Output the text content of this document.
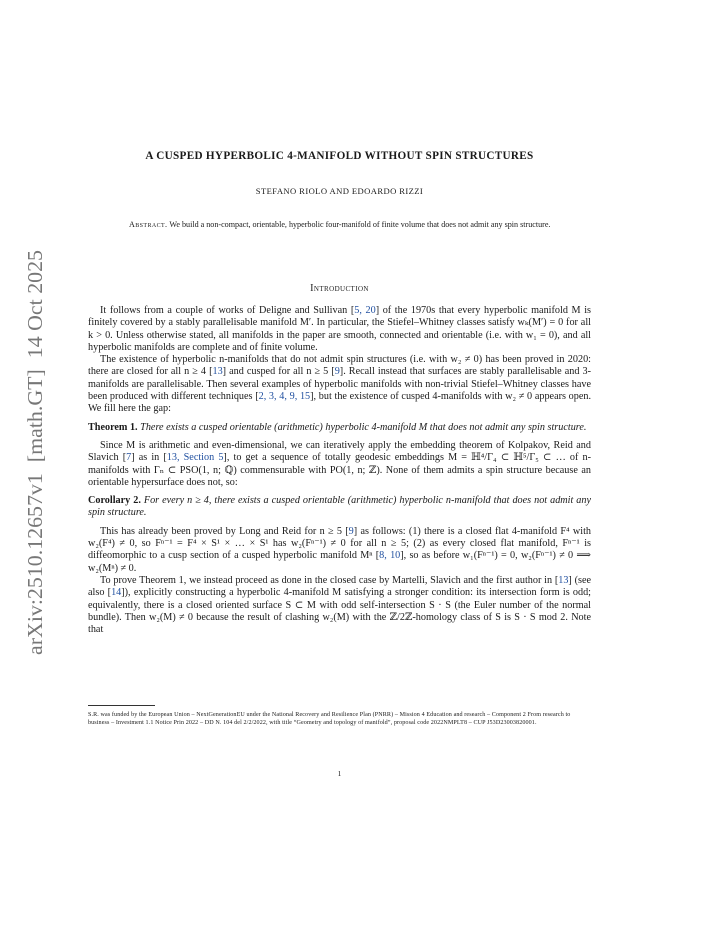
arXiv:2510.12657v1  [math.GT]  14 Oct 2025
A CUSPED HYPERBOLIC 4-MANIFOLD WITHOUT SPIN STRUCTURES
STEFANO RIOLO AND EDOARDO RIZZI
Abstract. We build a non-compact, orientable, hyperbolic four-manifold of finite volume that does not admit any spin structure.
Introduction

It follows from a couple of works of Deligne and Sullivan [5, 20] of the 1970s that every hyperbolic manifold M is finitely covered by a stably parallelisable manifold M′. In particular, the Stiefel–Whitney classes satisfy wₖ(M′) = 0 for all k > 0. Unless otherwise stated, all manifolds in the paper are smooth, connected and orientable (i.e. with w₁ = 0), and all hyperbolic manifolds are complete and of finite volume.

The existence of hyperbolic n-manifolds that do not admit spin structures (i.e. with w₂ ≠ 0) has been proved in 2020: there are closed for all n ≥ 4 [13] and cusped for all n ≥ 5 [9]. Recall instead that surfaces are stably parallelisable and 3-manifolds are parallelisable. Then several examples of hyperbolic manifolds with non-trivial Stiefel–Whitney classes have been produced with different techniques [2, 3, 4, 9, 15], but the existence of cusped 4-manifolds with w₂ ≠ 0 appears open. We fill here the gap:

Theorem 1. There exists a cusped orientable (arithmetic) hyperbolic 4-manifold M that does not admit any spin structure.

Since M is arithmetic and even-dimensional, we can iteratively apply the embedding theorem of Kolpakov, Reid and Slavich [7] as in [13, Section 5], to get a sequence of totally geodesic embeddings M = ℍ⁴/Γ₄ ⊂ ℍ⁵/Γ₅ ⊂ … of n-manifolds with Γₙ ⊂ PSO(1, n; ℚ) commensurable with PO(1, n; ℤ). None of them admits a spin structure because an orientable hypersurface does not, so:

Corollary 2. For every n ≥ 4, there exists a cusped orientable (arithmetic) hyperbolic n-manifold that does not admit any spin structure.

This has already been proved by Long and Reid for n ≥ 5 [9] as follows: (1) there is a closed flat 4-manifold F⁴ with w₂(F⁴) ≠ 0, so Fⁿ⁻¹ = F⁴ × S¹ × … × S¹ has w₂(Fⁿ⁻¹) ≠ 0 for all n ≥ 5; (2) as every closed flat manifold, Fⁿ⁻¹ is diffeomorphic to a cusp section of a cusped hyperbolic manifold Mⁿ [8, 10], so as before w₁(Fⁿ⁻¹) = 0, w₂(Fⁿ⁻¹) ≠ 0 ⟹ w₂(Mⁿ) ≠ 0.

To prove Theorem 1, we instead proceed as done in the closed case by Martelli, Slavich and the first author in [13] (see also [14]), explicitly constructing a hyperbolic 4-manifold M satisfying a stronger condition: its intersection form is odd; equivalently, there is a closed oriented surface S ⊂ M with odd self-intersection S · S (the Euler number of the normal bundle). Then w₂(M) ≠ 0 because the result of clashing w₂(M) with the ℤ/2ℤ-homology class of S is S · S mod 2. Note that

S.R. was funded by the European Union – NextGenerationEU under the National Recovery and Resilience Plan (PNRR) – Mission 4 Education and research – Component 2 From research to business – Investment 1.1 Notice Prin 2022 – DD N. 104 del 2/2/2022, with title “Geometry and topology of manifold”, proposal code 2022NMPLT8 – CUP J53D23003820001.
1
